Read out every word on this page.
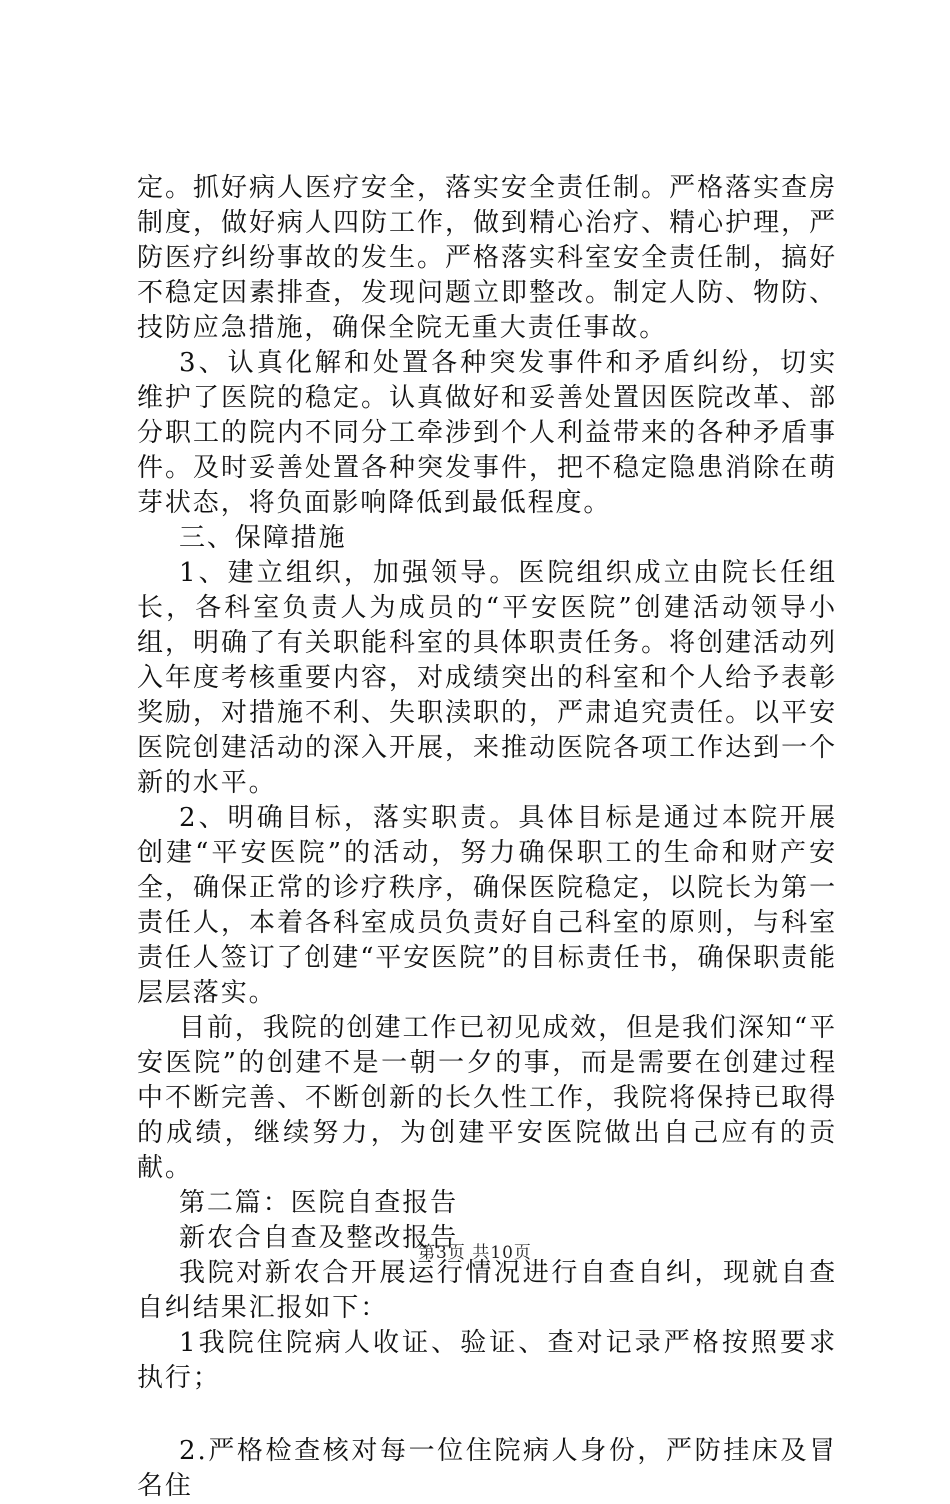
定。抓好病人医疗安全，落实安全责任制。严格落实查房制度，做好病人四防工作，做到精心治疗、精心护理，严防医疗纠纷事故的发生。严格落实科室安全责任制，搞好不稳定因素排查，发现问题立即整改。制定人防、物防、技防应急措施，确保全院无重大责任事故。

3、认真化解和处置各种突发事件和矛盾纠纷，切实维护了医院的稳定。认真做好和妥善处置因医院改革、部分职工的院内不同分工牵涉到个人利益带来的各种矛盾事件。及时妥善处置各种突发事件，把不稳定隐患消除在萌芽状态，将负面影响降低到最低程度。

三、保障措施

1、建立组织，加强领导。医院组织成立由院长任组长，各科室负责人为成员的“平安医院”创建活动领导小组，明确了有关职能科室的具体职责任务。将创建活动列入年度考核重要内容，对成绩突出的科室和个人给予表彰奖励，对措施不利、失职渎职的，严肃追究责任。以平安医院创建活动的深入开展，来推动医院各项工作达到一个新的水平。

2、明确目标，落实职责。具体目标是通过本院开展创建“平安医院”的活动，努力确保职工的生命和财产安全，确保正常的诊疗秩序，确保医院稳定，以院长为第一责任人，本着各科室成员负责好自己科室的原则，与科室责任人签订了创建“平安医院”的目标责任书，确保职责能层层落实。

目前，我院的创建工作已初见成效，但是我们深知“平安医院”的创建不是一朝一夕的事，而是需要在创建过程中不断完善、不断创新的长久性工作，我院将保持已取得的成绩，继续努力，为创建平安医院做出自己应有的贡献。

第二篇：医院自查报告

新农合自查及整改报告

我院对新农合开展运行情况进行自查自纠，现就自查自纠结果汇报如下：

1我院住院病人收证、验证、查对记录严格按照要求执行；

2.严格检查核对每一位住院病人身份，严防挂床及冒名住

第3页 共10页
